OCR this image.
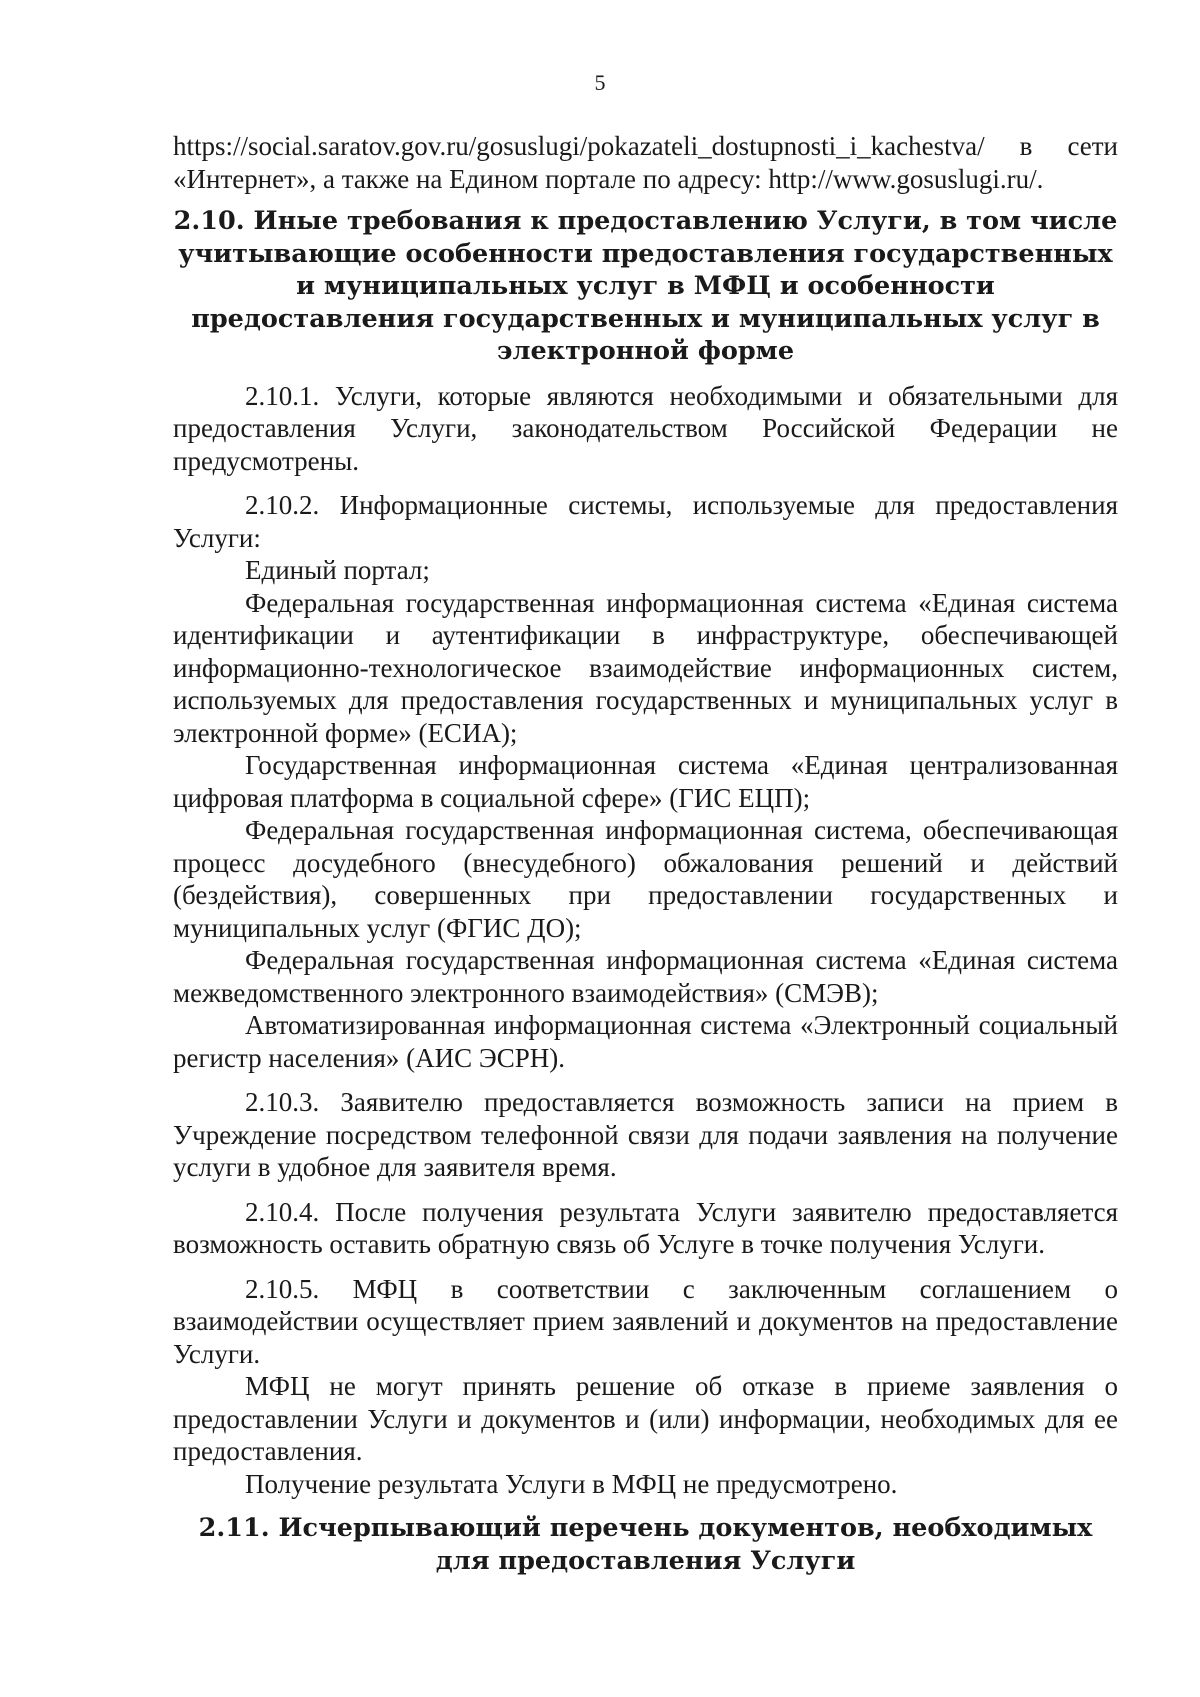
5

https://social.saratov.gov.ru/gosuslugi/pokazateli_dostupnosti_i_kachestva/ в сети

«Интернет», а также на Едином портале по адресу: http://www.gosuslugi.ru/.

2.10. Иные требования к предоставлению Услуги, в том числе учитывающие особенности предоставления государственных и муниципальных услуг в МФЦ и особенности предоставления государственных и муниципальных услуг в электронной форме

2.10.1. Услуги, которые являются необходимыми и обязательными для предоставления Услуги, законодательством Российской Федерации не предусмотрены.

2.10.2. Информационные системы, используемые для предоставления Услуги:

Единый портал;

Федеральная государственная информационная система «Единая система идентификации и аутентификации в инфраструктуре, обеспечивающей информационно-технологическое взаимодействие информационных систем, используемых для предоставления государственных и муниципальных услуг в электронной форме» (ЕСИА);

Государственная информационная система «Единая централизованная цифровая платформа в социальной сфере» (ГИС ЕЦП);

Федеральная государственная информационная система, обеспечивающая процесс досудебного (внесудебного) обжалования решений и действий (бездействия), совершенных при предоставлении государственных и муниципальных услуг (ФГИС ДО);

Федеральная государственная информационная система «Единая система межведомственного электронного взаимодействия» (СМЭВ);

Автоматизированная информационная система «Электронный социальный регистр населения» (АИС ЭСРН).

2.10.3. Заявителю предоставляется возможность записи на прием в Учреждение посредством телефонной связи для подачи заявления на получение услуги в удобное для заявителя время.

2.10.4. После получения результата Услуги заявителю предоставляется возможность оставить обратную связь об Услуге в точке получения Услуги.

2.10.5. МФЦ в соответствии с заключенным соглашением о взаимодействии осуществляет прием заявлений и документов на предоставление Услуги.

МФЦ не могут принять решение об отказе в приеме заявления о предоставлении Услуги и документов и (или) информации, необходимых для ее предоставления.

Получение результата Услуги в МФЦ не предусмотрено.

2.11. Исчерпывающий перечень документов, необходимых для предоставления Услуги
